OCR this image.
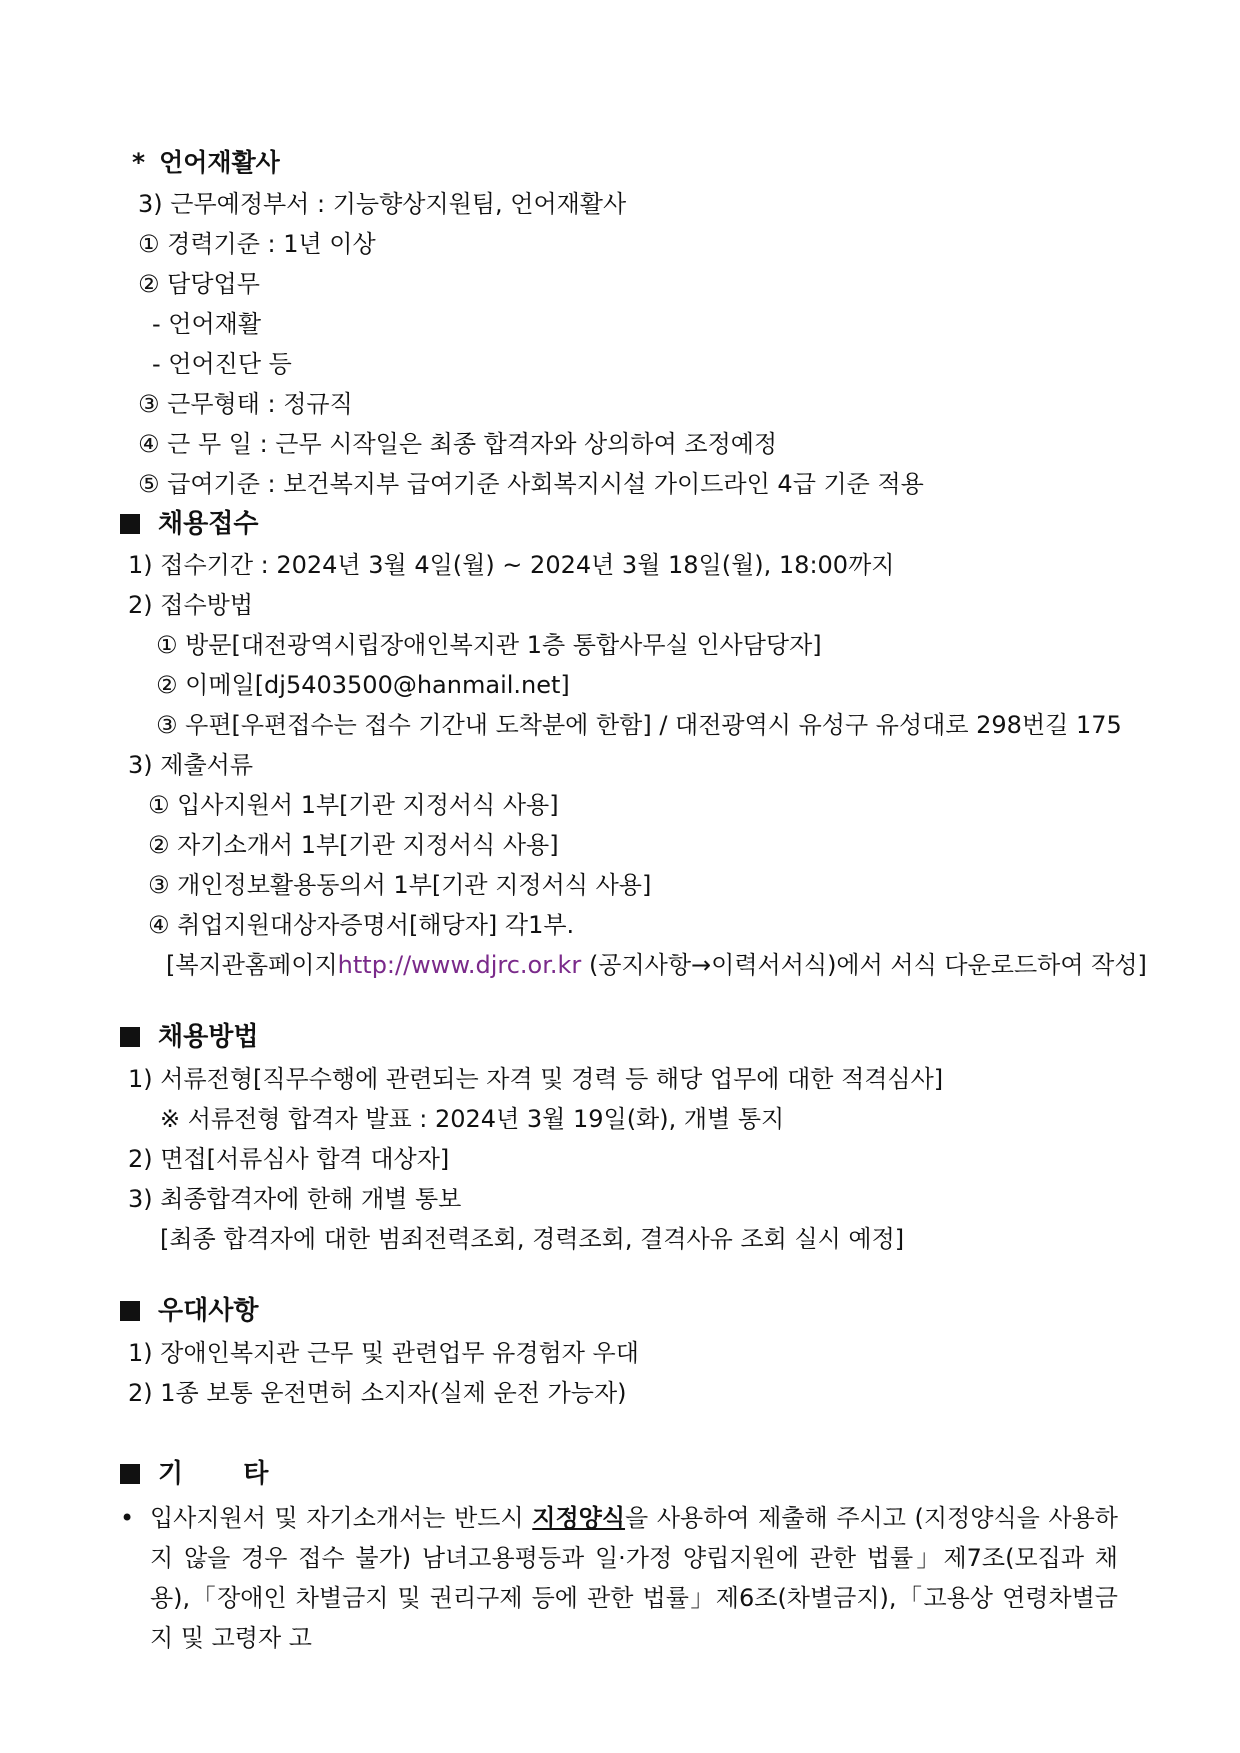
* 언어재활사
3) 근무예정부서 : 기능향상지원팀, 언어재활사
① 경력기준 : 1년 이상
② 담당업무
- 언어재활
- 언어진단 등
③ 근무형태 : 정규직
④ 근 무 일 : 근무 시작일은 최종 합격자와 상의하여 조정예정
⑤ 급여기준 : 보건복지부 급여기준 사회복지시설 가이드라인 4급 기준 적용
채용접수
1) 접수기간 : 2024년 3월 4일(월) ~ 2024년 3월 18일(월), 18:00까지
2) 접수방법
① 방문[대전광역시립장애인복지관 1층 통합사무실 인사담당자]
② 이메일[dj5403500@hanmail.net]
③ 우편[우편접수는 접수 기간내 도착분에 한함] / 대전광역시 유성구 유성대로 298번길 175
3) 제출서류
① 입사지원서 1부[기관 지정서식 사용]
② 자기소개서 1부[기관 지정서식 사용]
③ 개인정보활용동의서 1부[기관 지정서식 사용]
④ 취업지원대상자증명서[해당자] 각1부.
[복지관홈페이지http://www.djrc.or.kr (공지사항→이력서서식)에서 서식 다운로드하여 작성]
채용방법
1) 서류전형[직무수행에 관련되는 자격 및 경력 등 해당 업무에 대한 적격심사]
※ 서류전형 합격자 발표 : 2024년 3월 19일(화), 개별 통지
2) 면접[서류심사 합격 대상자]
3) 최종합격자에 한해 개별 통보
[최종 합격자에 대한 범죄전력조회, 경력조회, 결격사유 조회 실시 예정]
우대사항
1) 장애인복지관 근무 및 관련업무 유경험자 우대
2) 1종 보통 운전면허 소지자(실제 운전 가능자)
기  타
• 입사지원서 및 자기소개서는 반드시 지정양식을 사용하여 제출해 주시고 (지정양식을 사용하지 않을 경우 접수 불가) 남녀고용평등과 일·가정 양립지원에 관한 법률」제7조(모집과 채용),「장애인 차별금지 및 권리구제 등에 관한 법률」제6조(차별금지),「고용상 연령차별금지 및 고령자 고
